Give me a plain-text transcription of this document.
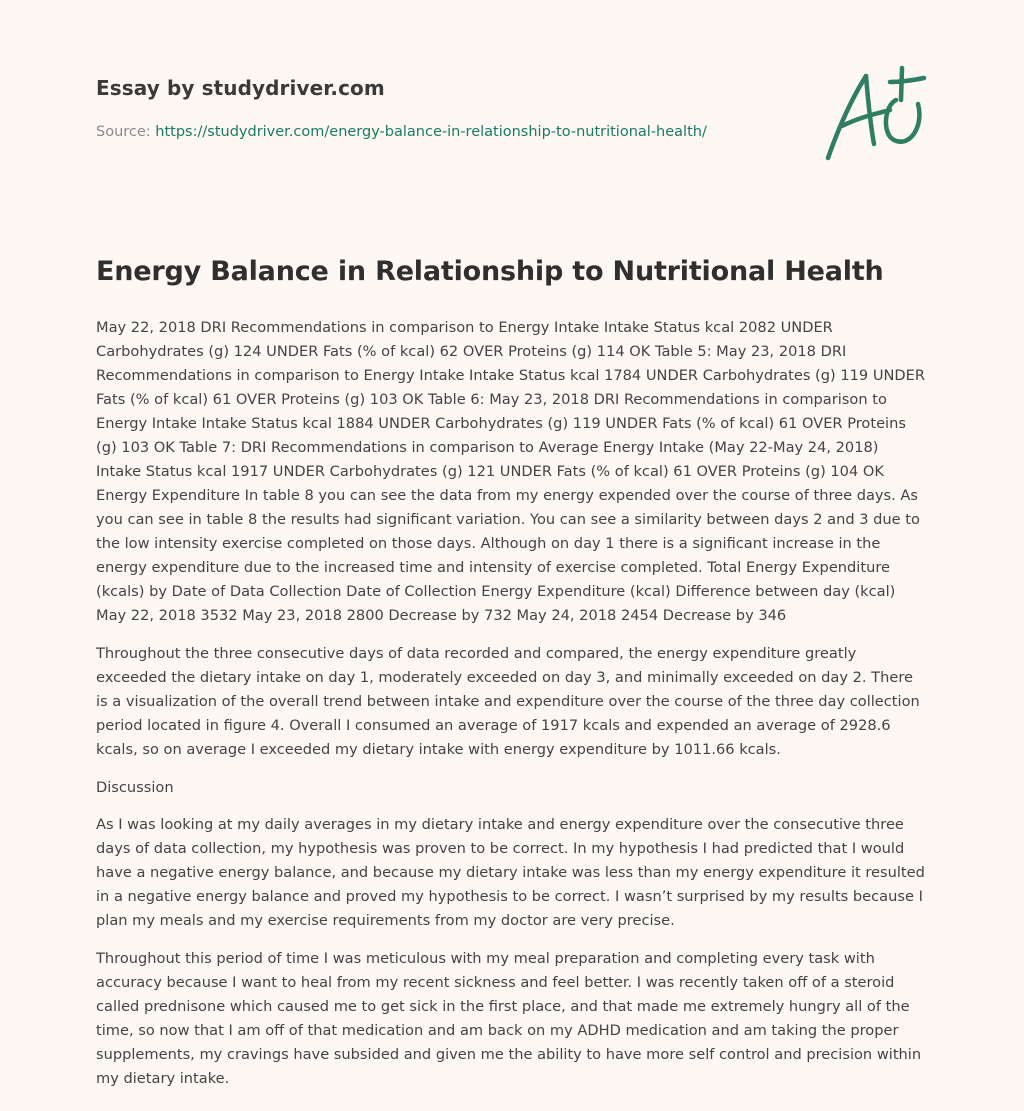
Essay by studydriver.com
Source: https://studydriver.com/energy-balance-in-relationship-to-nutritional-health/
Energy Balance in Relationship to Nutritional Health

May 22, 2018 DRI Recommendations in comparison to Energy Intake Intake Status kcal 2082 UNDER Carbohydrates (g) 124 UNDER Fats (% of kcal) 62 OVER Proteins (g) 114 OK Table 5: May 23, 2018 DRI Recommendations in comparison to Energy Intake Intake Status kcal 1784 UNDER Carbohydrates (g) 119 UNDER Fats (% of kcal) 61 OVER Proteins (g) 103 OK Table 6: May 23, 2018 DRI Recommendations in comparison to Energy Intake Intake Status kcal 1884 UNDER Carbohydrates (g) 119 UNDER Fats (% of kcal) 61 OVER Proteins (g) 103 OK Table 7: DRI Recommendations in comparison to Average Energy Intake (May 22-May 24, 2018) Intake Status kcal 1917 UNDER Carbohydrates (g) 121 UNDER Fats (% of kcal) 61 OVER Proteins (g) 104 OK Energy Expenditure In table 8 you can see the data from my energy expended over the course of three days. As you can see in table 8 the results had significant variation. You can see a similarity between days 2 and 3 due to the low intensity exercise completed on those days. Although on day 1 there is a significant increase in the energy expenditure due to the increased time and intensity of exercise completed. Total Energy Expenditure (kcals) by Date of Data Collection Date of Collection Energy Expenditure (kcal) Difference between day (kcal) May 22, 2018 3532 May 23, 2018 2800 Decrease by 732 May 24, 2018 2454 Decrease by 346

Throughout the three consecutive days of data recorded and compared, the energy expenditure greatly exceeded the dietary intake on day 1, moderately exceeded on day 3, and minimally exceeded on day 2. There is a visualization of the overall trend between intake and expenditure over the course of the three day collection period located in figure 4. Overall I consumed an average of 1917 kcals and expended an average of 2928.6 kcals, so on average I exceeded my dietary intake with energy expenditure by 1011.66 kcals.

Discussion

As I was looking at my daily averages in my dietary intake and energy expenditure over the consecutive three days of data collection, my hypothesis was proven to be correct. In my hypothesis I had predicted that I would have a negative energy balance, and because my dietary intake was less than my energy expenditure it resulted in a negative energy balance and proved my hypothesis to be correct. I wasn’t surprised by my results because I plan my meals and my exercise requirements from my doctor are very precise.

Throughout this period of time I was meticulous with my meal preparation and completing every task with accuracy because I want to heal from my recent sickness and feel better. I was recently taken off of a steroid called prednisone which caused me to get sick in the first place, and that made me extremely hungry all of the time, so now that I am off of that medication and am back on my ADHD medication and am taking the proper supplements, my cravings have subsided and given me the ability to have more self control and precision within my dietary intake.
